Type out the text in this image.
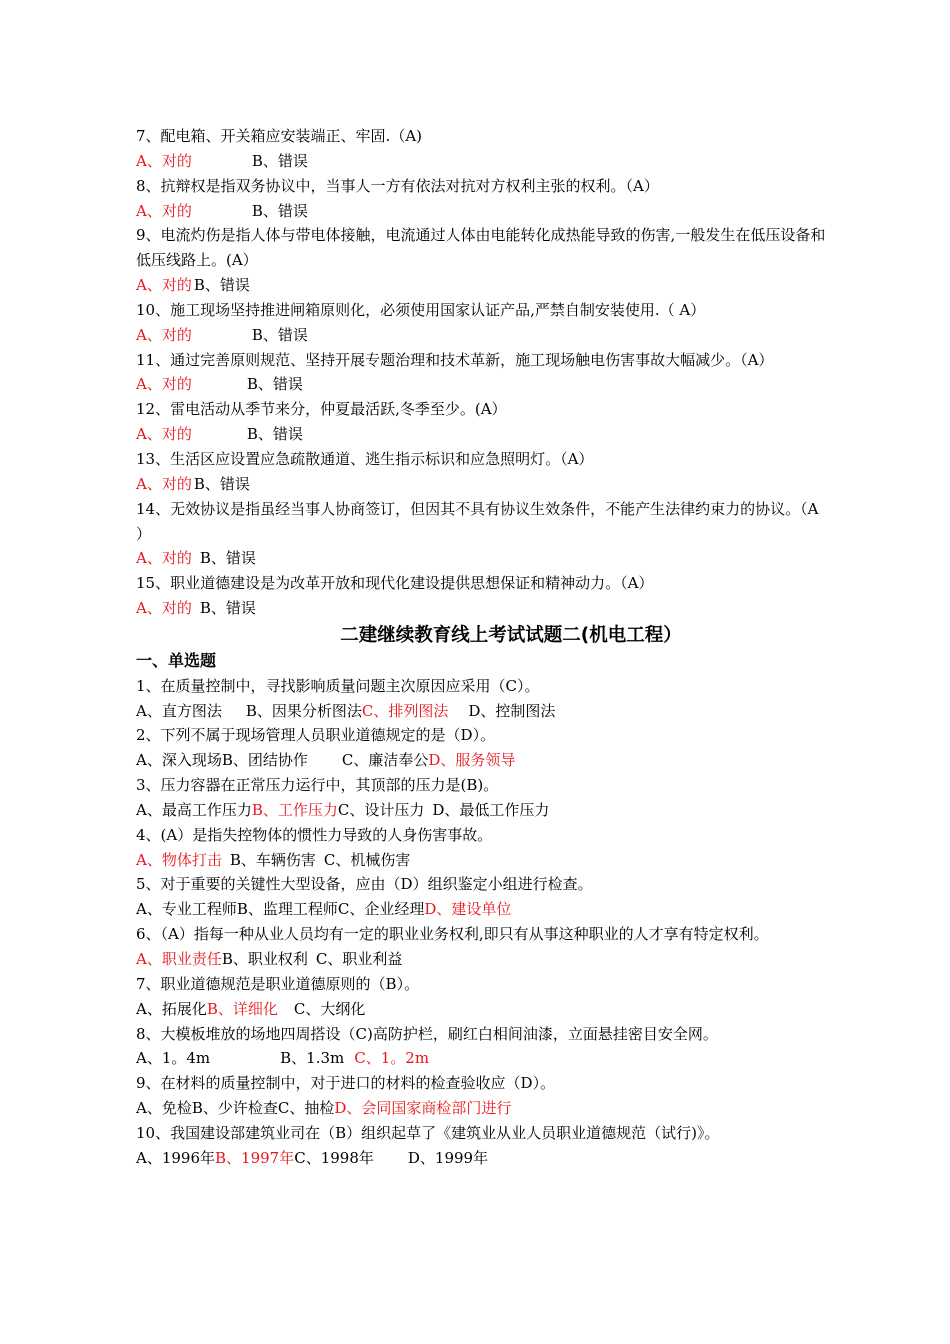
7、配电箱、开关箱应安装端正、牢固.（A)
A、对的	B、错误
8、抗辩权是指双务协议中，当事人一方有依法对抗对方权利主张的权利。（A）
A、对的	B、错误
9、电流灼伤是指人体与带电体接触，电流通过人体由电能转化成热能导致的伤害,一般发生在低压设备和低压线路上。(A）
A、对的 B、错误
10、施工现场坚持推进闸箱原则化，必须使用国家认证产品,严禁自制安装使用.（ A）
A、对的	B、错误
11、通过完善原则规范、坚持开展专题治理和技术革新，施工现场触电伤害事故大幅减少。（A）
A、对的	B、错误
12、雷电活动从季节来分，仲夏最活跃,冬季至少。(A）
A、对的	B、错误
13、生活区应设置应急疏散通道、逃生指示标识和应急照明灯。（A）
A、对的 B、错误
14、无效协议是指虽经当事人协商签订，但因其不具有协议生效条件，不能产生法律约束力的协议。（A ）
A、对的 B、错误
15、职业道德建设是为改革开放和现代化建设提供思想保证和精神动力。（A）
A、对的 B、错误
二建继续教育线上考试试题二(机电工程）
一、单选题
1、在质量控制中，寻找影响质量问题主次原因应采用（C）。
A、直方图法 B、因果分析图法C、排列图法 D、控制图法
2、下列不属于现场管理人员职业道德规定的是（D）。
A、深入现场B、团结协作 C、廉洁奉公D、服务领导
3、压力容器在正常压力运行中，其顶部的压力是(B)。
A、最高工作压力B、工作压力C、设计压力 D、最低工作压力
4、(A）是指失控物体的惯性力导致的人身伤害事故。
A、物体打击 B、车辆伤害 C、机械伤害
5、对于重要的关键性大型设备，应由（D）组织鉴定小组进行检查。
A、专业工程师B、监理工程师C、企业经理D、建设单位
6、（A）指每一种从业人员均有一定的职业业务权利,即只有从事这种职业的人才享有特定权利。
A、职业责任B、职业权利 C、职业利益
7、职业道德规范是职业道德原则的（B）。
A、拓展化B、详细化 C、大纲化
8、大模板堆放的场地四周搭设（C)高防护栏，刷红白相间油漆，立面悬挂密目安全网。
A、1。4m	B、1.3m C、1。2m
9、在材料的质量控制中，对于进口的材料的检查验收应（D）。
A、免检B、少许检查C、抽检D、会同国家商检部门进行
10、我国建设部建筑业司在（B）组织起草了《建筑业从业人员职业道德规范（试行)》。
A、1996年B、1997年C、1998年 D、1999年
